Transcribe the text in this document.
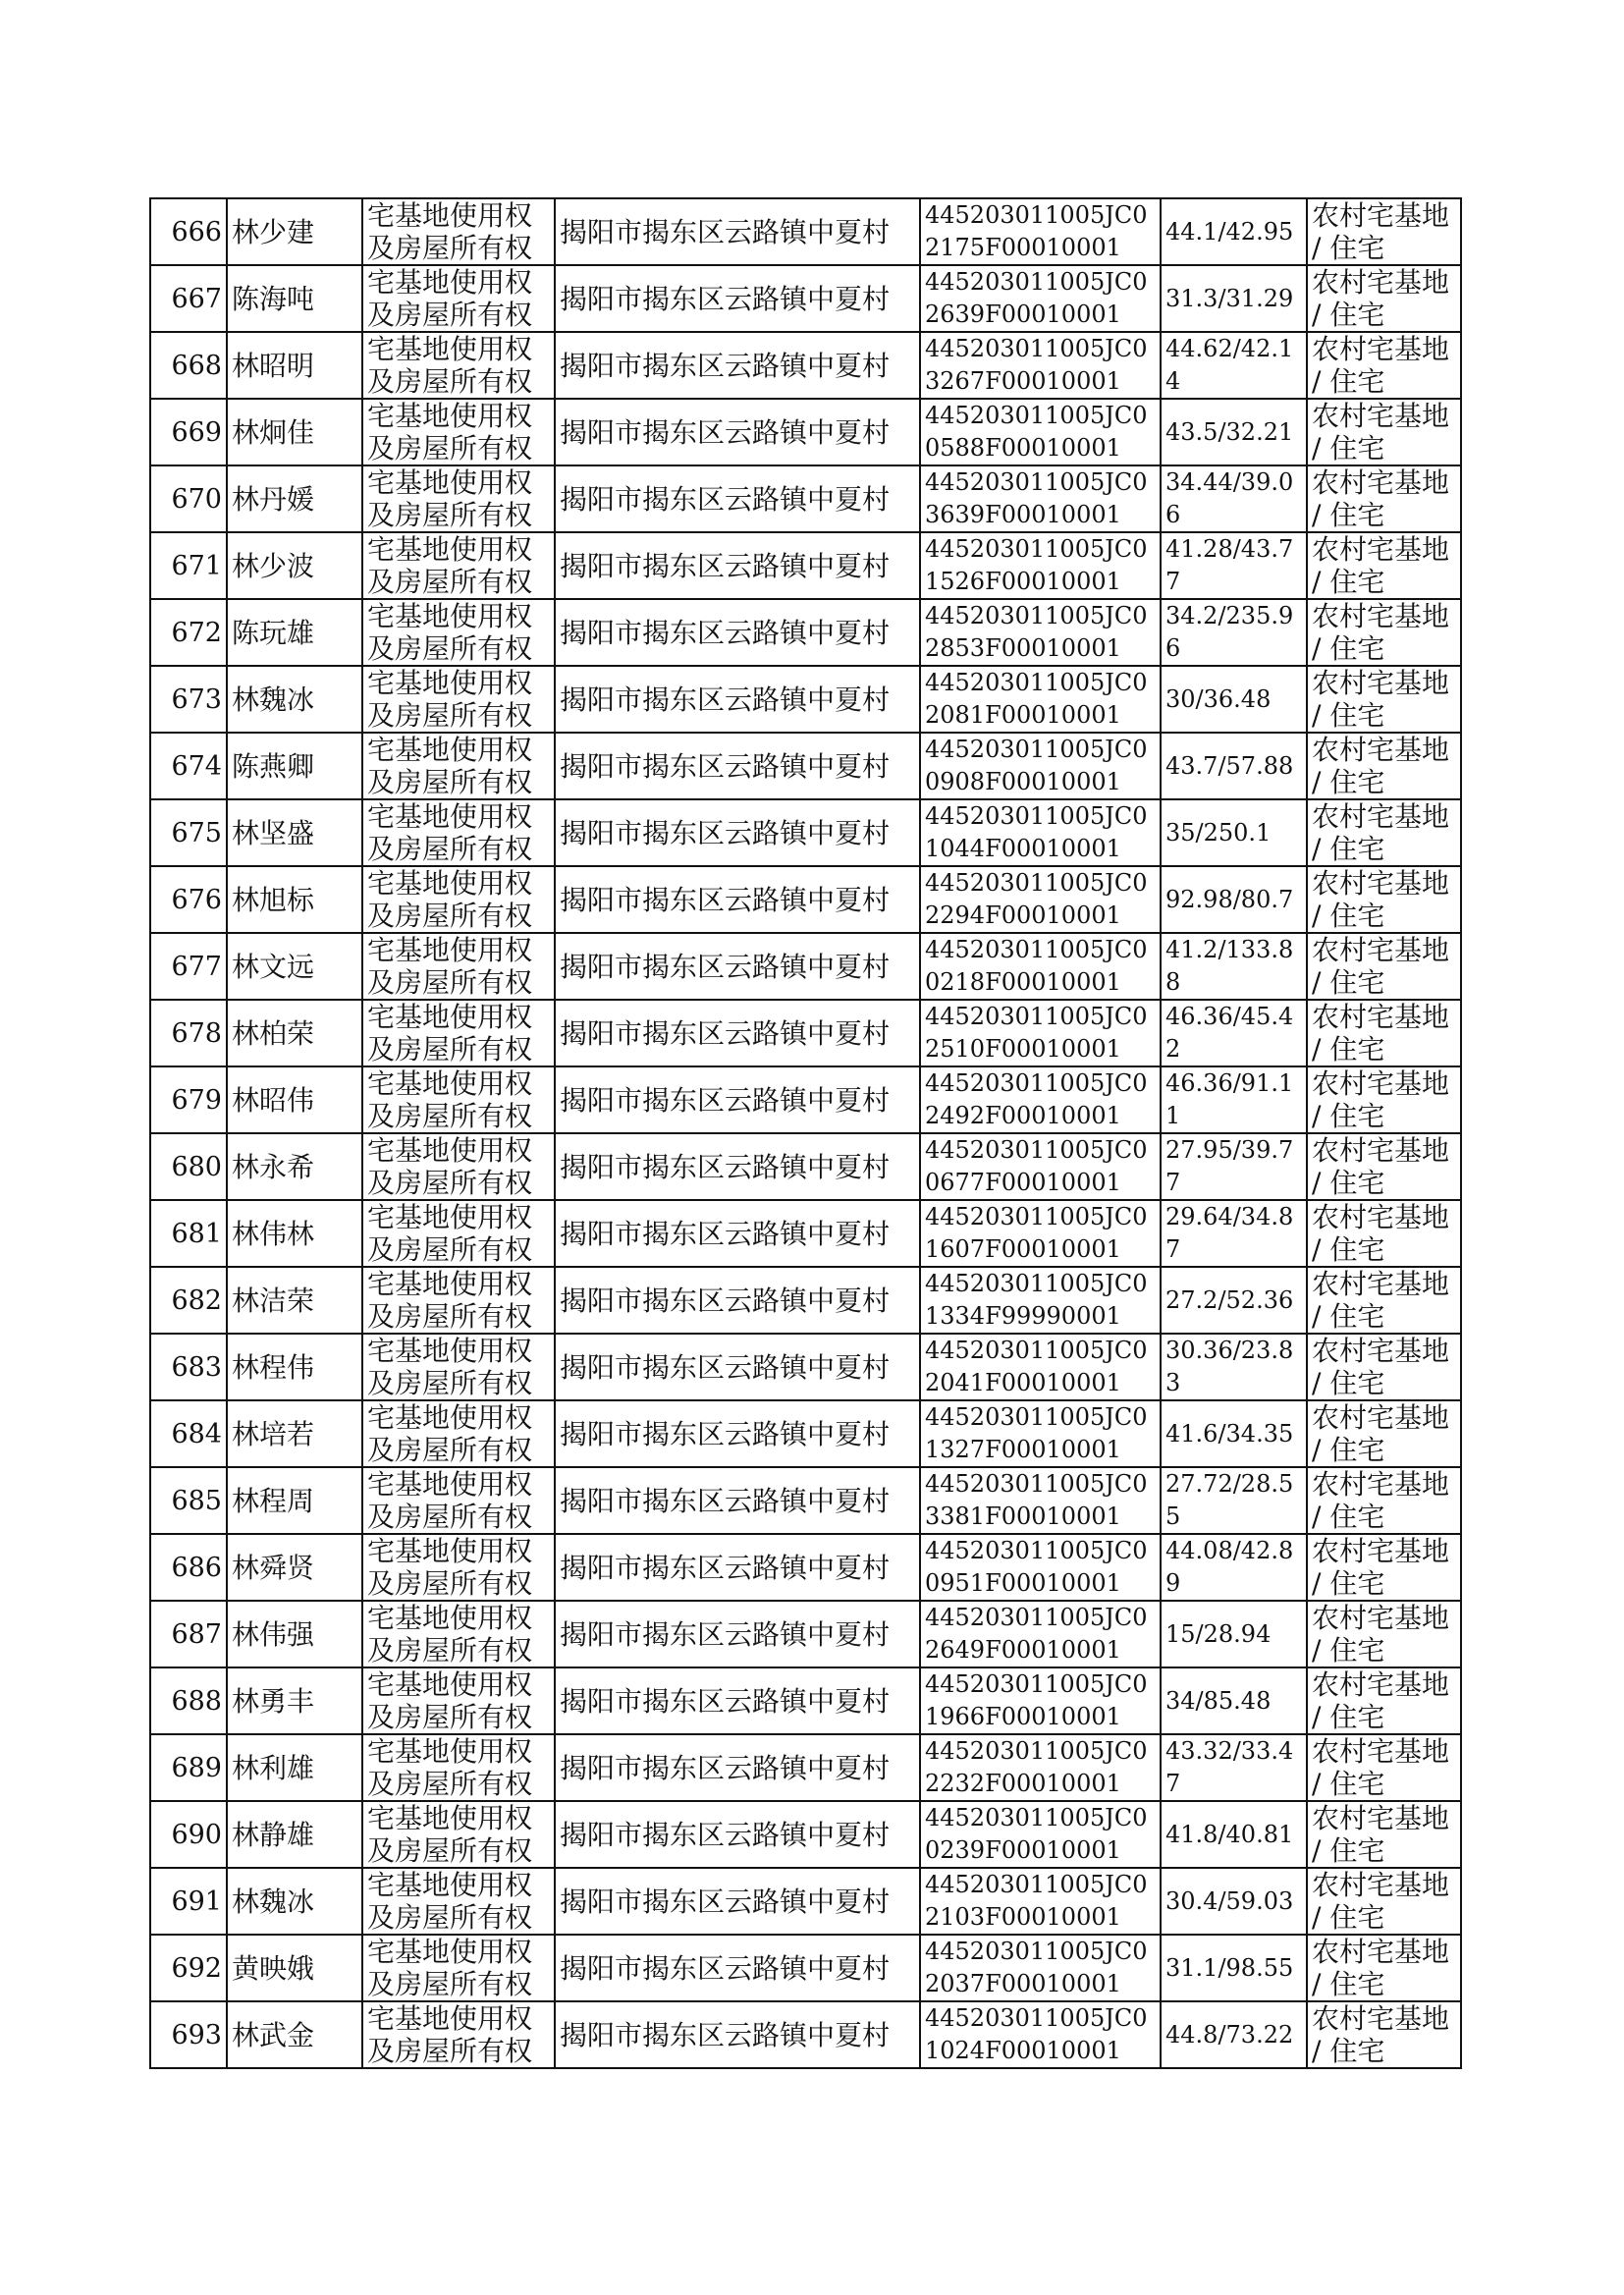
666	林少建	宅基地使用权及房屋所有权	揭阳市揭东区云路镇中夏村	445203011005JC02175F00010001	44.1/42.95	农村宅基地 / 住宅
667	陈海吨	宅基地使用权及房屋所有权	揭阳市揭东区云路镇中夏村	445203011005JC02639F00010001	31.3/31.29	农村宅基地 / 住宅
668	林昭明	宅基地使用权及房屋所有权	揭阳市揭东区云路镇中夏村	445203011005JC03267F00010001	44.62/42.14	农村宅基地 / 住宅
669	林炯佳	宅基地使用权及房屋所有权	揭阳市揭东区云路镇中夏村	445203011005JC00588F00010001	43.5/32.21	农村宅基地 / 住宅
670	林丹媛	宅基地使用权及房屋所有权	揭阳市揭东区云路镇中夏村	445203011005JC03639F00010001	34.44/39.06	农村宅基地 / 住宅
671	林少波	宅基地使用权及房屋所有权	揭阳市揭东区云路镇中夏村	445203011005JC01526F00010001	41.28/43.77	农村宅基地 / 住宅
672	陈玩雄	宅基地使用权及房屋所有权	揭阳市揭东区云路镇中夏村	445203011005JC02853F00010001	34.2/235.96	农村宅基地 / 住宅
673	林魏冰	宅基地使用权及房屋所有权	揭阳市揭东区云路镇中夏村	445203011005JC02081F00010001	30/36.48	农村宅基地 / 住宅
674	陈燕卿	宅基地使用权及房屋所有权	揭阳市揭东区云路镇中夏村	445203011005JC00908F00010001	43.7/57.88	农村宅基地 / 住宅
675	林坚盛	宅基地使用权及房屋所有权	揭阳市揭东区云路镇中夏村	445203011005JC01044F00010001	35/250.1	农村宅基地 / 住宅
676	林旭标	宅基地使用权及房屋所有权	揭阳市揭东区云路镇中夏村	445203011005JC02294F00010001	92.98/80.7	农村宅基地 / 住宅
677	林文远	宅基地使用权及房屋所有权	揭阳市揭东区云路镇中夏村	445203011005JC00218F00010001	41.2/133.88	农村宅基地 / 住宅
678	林柏荣	宅基地使用权及房屋所有权	揭阳市揭东区云路镇中夏村	445203011005JC02510F00010001	46.36/45.42	农村宅基地 / 住宅
679	林昭伟	宅基地使用权及房屋所有权	揭阳市揭东区云路镇中夏村	445203011005JC02492F00010001	46.36/91.11	农村宅基地 / 住宅
680	林永希	宅基地使用权及房屋所有权	揭阳市揭东区云路镇中夏村	445203011005JC00677F00010001	27.95/39.77	农村宅基地 / 住宅
681	林伟林	宅基地使用权及房屋所有权	揭阳市揭东区云路镇中夏村	445203011005JC01607F00010001	29.64/34.87	农村宅基地 / 住宅
682	林洁荣	宅基地使用权及房屋所有权	揭阳市揭东区云路镇中夏村	445203011005JC01334F99990001	27.2/52.36	农村宅基地 / 住宅
683	林程伟	宅基地使用权及房屋所有权	揭阳市揭东区云路镇中夏村	445203011005JC02041F00010001	30.36/23.83	农村宅基地 / 住宅
684	林培若	宅基地使用权及房屋所有权	揭阳市揭东区云路镇中夏村	445203011005JC01327F00010001	41.6/34.35	农村宅基地 / 住宅
685	林程周	宅基地使用权及房屋所有权	揭阳市揭东区云路镇中夏村	445203011005JC03381F00010001	27.72/28.55	农村宅基地 / 住宅
686	林舜贤	宅基地使用权及房屋所有权	揭阳市揭东区云路镇中夏村	445203011005JC00951F00010001	44.08/42.89	农村宅基地 / 住宅
687	林伟强	宅基地使用权及房屋所有权	揭阳市揭东区云路镇中夏村	445203011005JC02649F00010001	15/28.94	农村宅基地 / 住宅
688	林勇丰	宅基地使用权及房屋所有权	揭阳市揭东区云路镇中夏村	445203011005JC01966F00010001	34/85.48	农村宅基地 / 住宅
689	林利雄	宅基地使用权及房屋所有权	揭阳市揭东区云路镇中夏村	445203011005JC02232F00010001	43.32/33.47	农村宅基地 / 住宅
690	林静雄	宅基地使用权及房屋所有权	揭阳市揭东区云路镇中夏村	445203011005JC00239F00010001	41.8/40.81	农村宅基地 / 住宅
691	林魏冰	宅基地使用权及房屋所有权	揭阳市揭东区云路镇中夏村	445203011005JC02103F00010001	30.4/59.03	农村宅基地 / 住宅
692	黄映娥	宅基地使用权及房屋所有权	揭阳市揭东区云路镇中夏村	445203011005JC02037F00010001	31.1/98.55	农村宅基地 / 住宅
693	林武金	宅基地使用权及房屋所有权	揭阳市揭东区云路镇中夏村	445203011005JC01024F00010001	44.8/73.22	农村宅基地 / 住宅
